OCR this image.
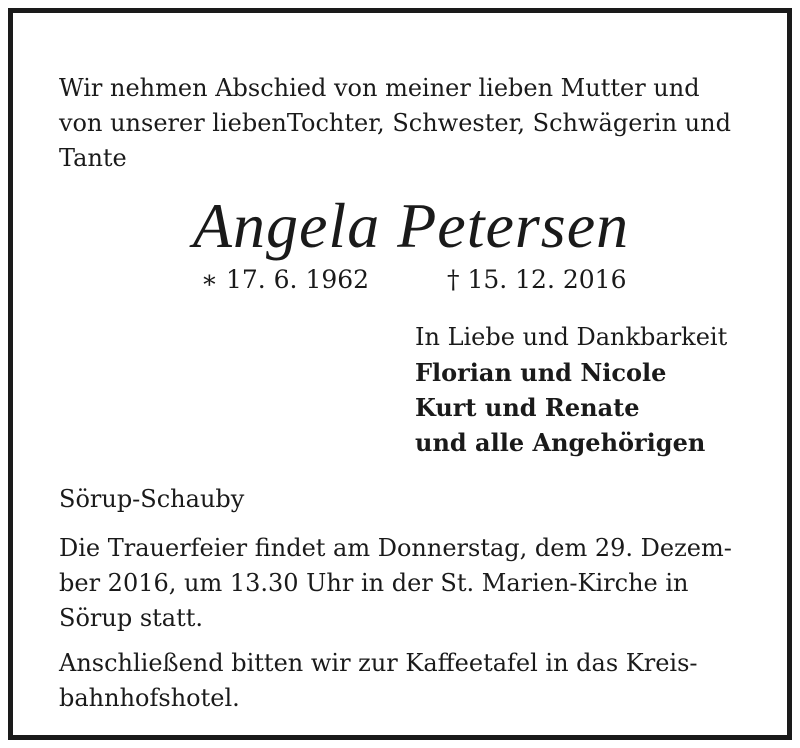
Wir nehmen Abschied von meiner lieben Mutter und
von unserer liebenTochter, Schwester, Schwägerin und
Tante

Angela Petersen
∗ 17. 6. 1962	† 15. 12. 2016
In Liebe und Dankbarkeit
Florian und Nicole
Kurt und Renate
und alle Angehörigen

Sörup-Schauby

Die Trauerfeier findet am Donnerstag, dem 29. Dezem-
ber 2016, um 13.30 Uhr in der St. Marien-Kirche in
Sörup statt.

Anschließend bitten wir zur Kaffeetafel in das Kreis-
bahnhofshotel.
